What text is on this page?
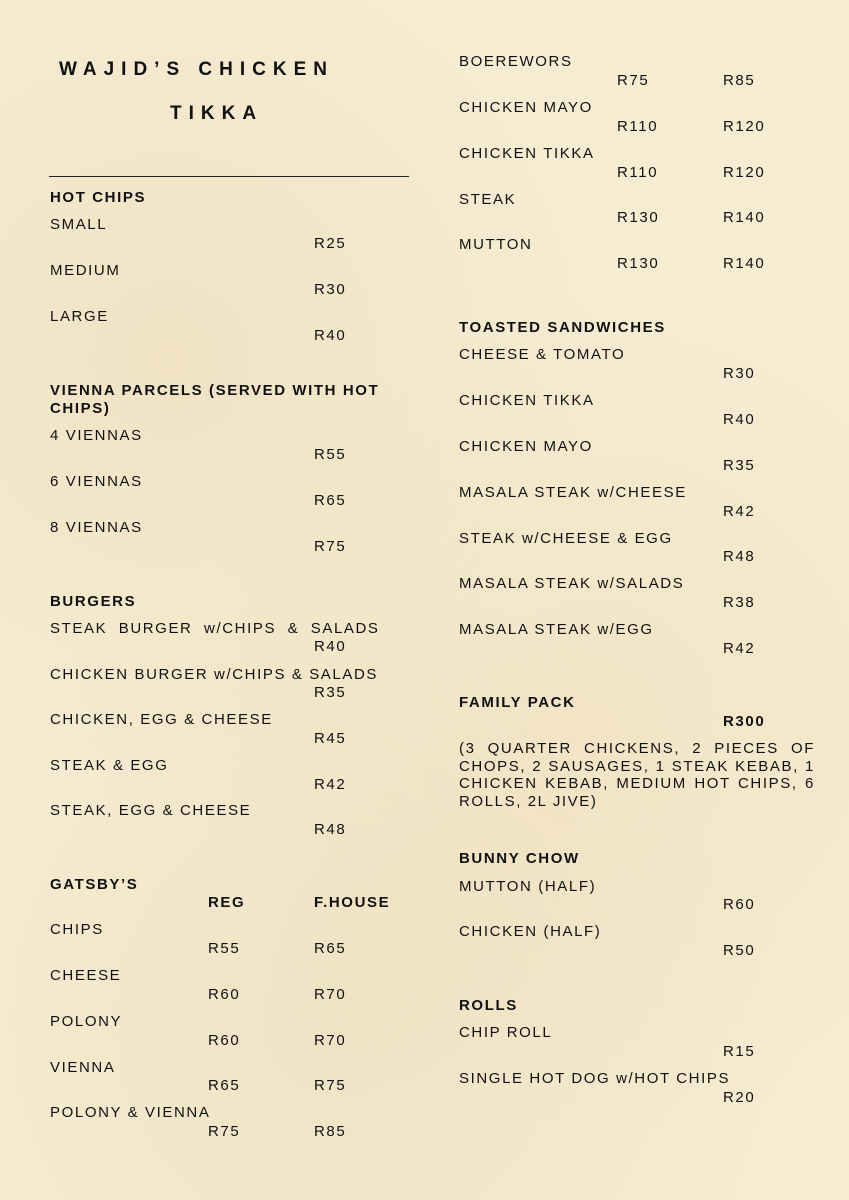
WAJID’S CHICKEN
TIKKA
HOT CHIPS
SMALL
R25
MEDIUM
R30
LARGE
R40
VIENNA PARCELS (SERVED WITH HOT
CHIPS)
4 VIENNAS
R55
6 VIENNAS
R65
8 VIENNAS
R75
BURGERS
STEAK  BURGER  w/CHIPS  &  SALADS
R40
CHICKEN BURGER w/CHIPS & SALADS
R35
CHICKEN, EGG & CHEESE
R45
STEAK & EGG
R42
STEAK, EGG & CHEESE
R48
GATSBY’S
REG	F.HOUSE
CHIPS
R55	R65
CHEESE
R60	R70
POLONY
R60	R70
VIENNA
R65	R75
POLONY & VIENNA
R75	R85
BOEREWORS
R75	R85
CHICKEN MAYO
R110	R120
CHICKEN TIKKA
R110	R120
STEAK
R130	R140
MUTTON
R130	R140
TOASTED SANDWICHES
CHEESE & TOMATO
R30
CHICKEN TIKKA
R40
CHICKEN MAYO
R35
MASALA STEAK w/CHEESE
R42
STEAK w/CHEESE & EGG
R48
MASALA STEAK w/SALADS
R38
MASALA STEAK w/EGG
R42
FAMILY PACK
R300
(3 QUARTER CHICKENS, 2 PIECES OF CHOPS, 2 SAUSAGES, 1 STEAK KEBAB, 1 CHICKEN KEBAB, MEDIUM HOT CHIPS, 6 ROLLS, 2L JIVE)
BUNNY CHOW
MUTTON (HALF)
R60
CHICKEN (HALF)
R50
ROLLS
CHIP ROLL
R15
SINGLE HOT DOG w/HOT CHIPS
R20
